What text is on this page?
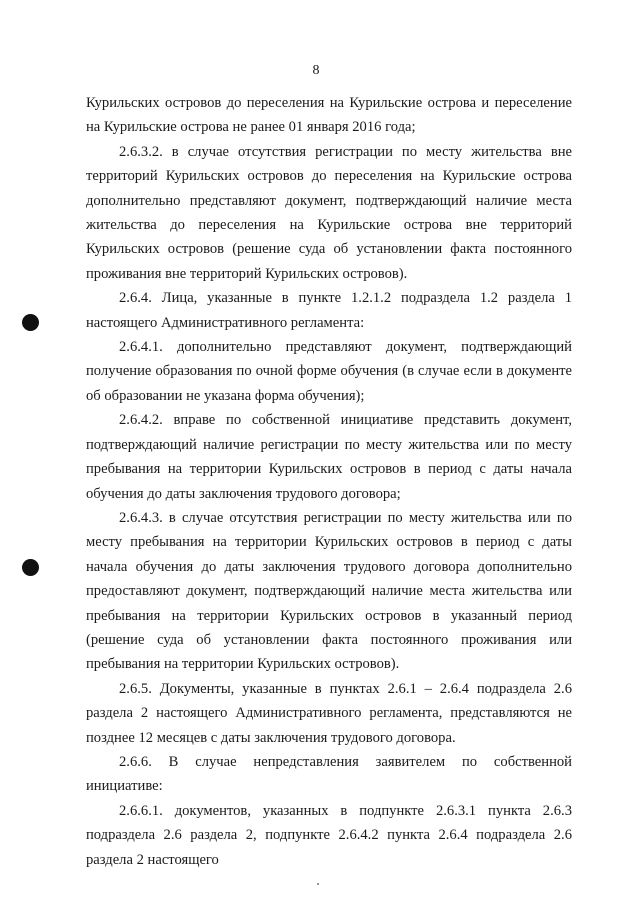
8

Курильских островов до переселения на Курильские острова и переселение на Курильские острова не ранее 01 января 2016 года;

2.6.3.2. в случае отсутствия регистрации по месту жительства вне территорий Курильских островов до переселения на Курильские острова дополнительно представляют документ, подтверждающий наличие места жительства до переселения на Курильские острова вне территорий Курильских островов (решение суда об установлении факта постоянного проживания вне территорий Курильских островов).

2.6.4. Лица, указанные в пункте 1.2.1.2 подраздела 1.2 раздела 1 настоящего Административного регламента:

2.6.4.1. дополнительно представляют документ, подтверждающий получение образования по очной форме обучения (в случае если в документе об образовании не указана форма обучения);

2.6.4.2. вправе по собственной инициативе представить документ, подтверждающий наличие регистрации по месту жительства или по месту пребывания на территории Курильских островов в период с даты начала обучения до даты заключения трудового договора;

2.6.4.3. в случае отсутствия регистрации по месту жительства или по месту пребывания на территории Курильских островов в период с даты начала обучения до даты заключения трудового договора дополнительно предоставляют документ, подтверждающий наличие места жительства или пребывания на территории Курильских островов в указанный период (решение суда об установлении факта постоянного проживания или пребывания на территории Курильских островов).

2.6.5. Документы, указанные в пунктах 2.6.1 – 2.6.4 подраздела 2.6 раздела 2 настоящего Административного регламента, представляются не позднее 12 месяцев с даты заключения трудового договора.

2.6.6. В случае непредставления заявителем по собственной инициативе:

2.6.6.1. документов, указанных в подпункте 2.6.3.1 пункта 2.6.3 подраздела 2.6 раздела 2, подпункте 2.6.4.2 пункта 2.6.4 подраздела 2.6 раздела 2 настоящего
